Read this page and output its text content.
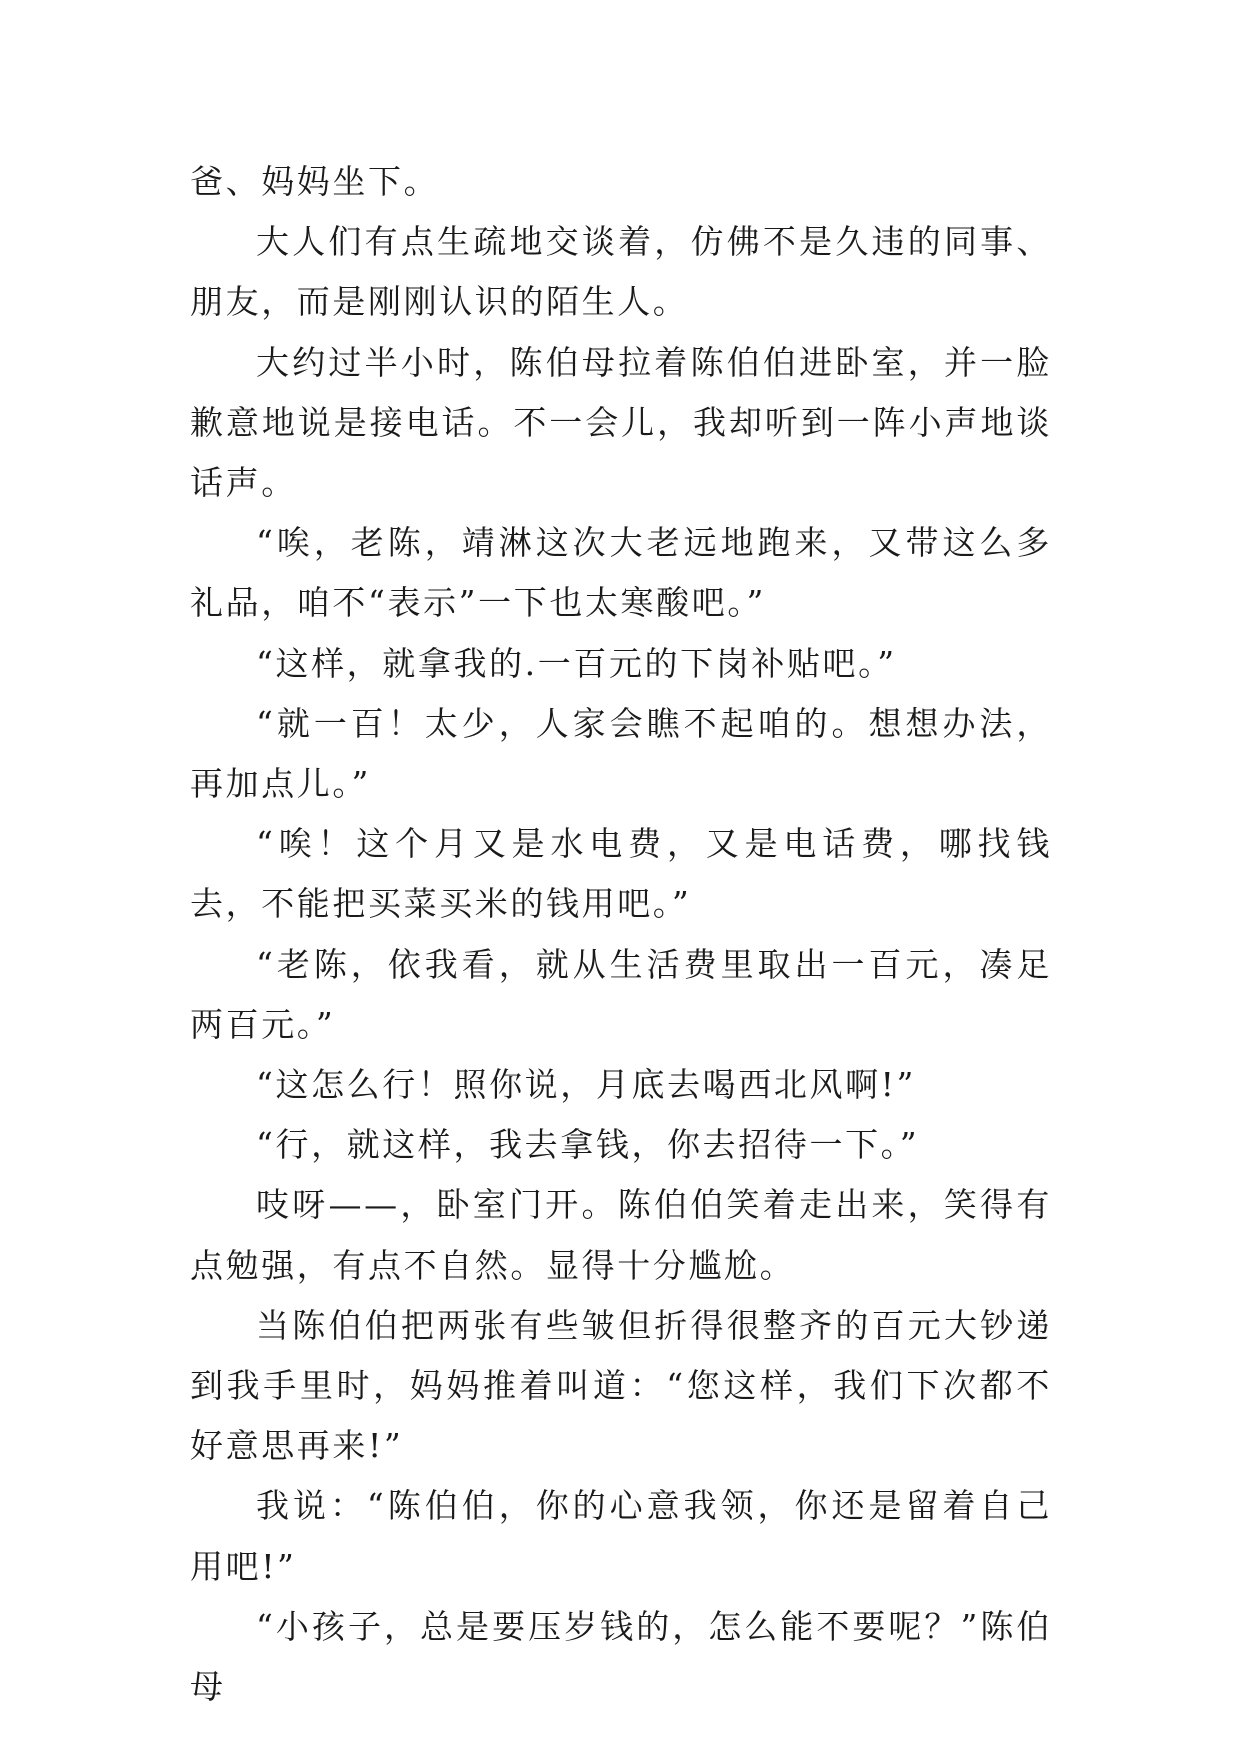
爸、妈妈坐下。

大人们有点生疏地交谈着，仿佛不是久违的同事、朋友，而是刚刚认识的陌生人。

大约过半小时，陈伯母拉着陈伯伯进卧室，并一脸歉意地说是接电话。不一会儿，我却听到一阵小声地谈话声。

“唉，老陈，靖淋这次大老远地跑来，又带这么多礼品，咱不“表示”一下也太寒酸吧。”

“这样，就拿我的.一百元的下岗补贴吧。”

“就一百！太少，人家会瞧不起咱的。想想办法，再加点儿。”

“唉！这个月又是水电费，又是电话费，哪找钱去，不能把买菜买米的钱用吧。”

“老陈，依我看，就从生活费里取出一百元，凑足两百元。”

“这怎么行！照你说，月底去喝西北风啊!”

“行，就这样，我去拿钱，你去招待一下。”

吱呀——，卧室门开。陈伯伯笑着走出来，笑得有点勉强，有点不自然。显得十分尴尬。

当陈伯伯把两张有些皱但折得很整齐的百元大钞递到我手里时，妈妈推着叫道：“您这样，我们下次都不好意思再来!”

我说：“陈伯伯，你的心意我领，你还是留着自己用吧!”

“小孩子，总是要压岁钱的，怎么能不要呢？”陈伯母
